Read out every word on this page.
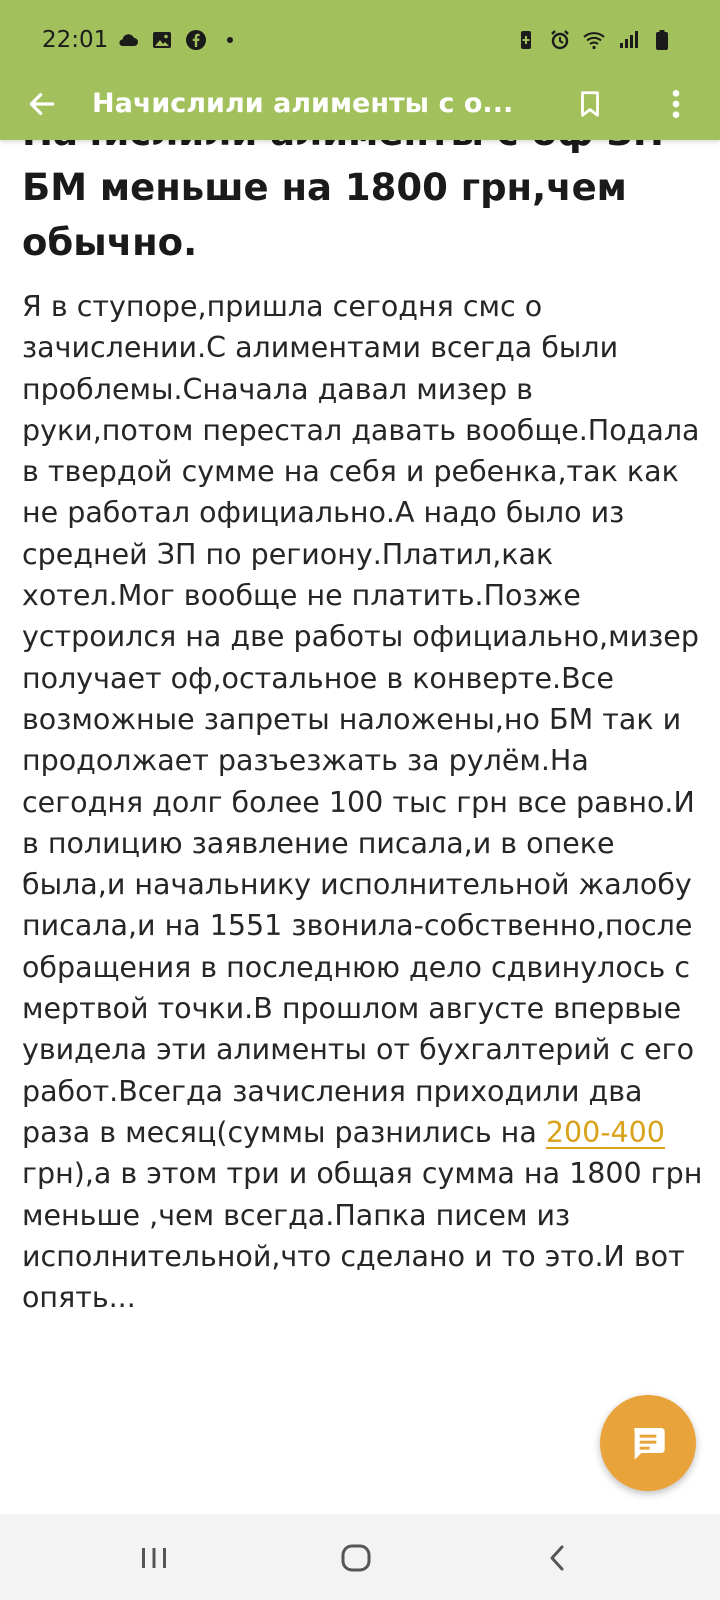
БМ меньше на 1800 грн,чем
обычно.

Я в ступоре,пришла сегодня смс о зачислении.С алиментами всегда были проблемы.Сначала давал мизер в руки,потом перестал давать вообще.Подала в твердой сумме на себя и ребенка,так как не работал официально.А надо было из средней ЗП по региону.Платил,как хотел.Мог вообще не платить.Позже устроился на две работы официально,мизер получает оф,остальное в конверте.Все возможные запреты наложены,но БМ так и продолжает разъезжать за рулём.На сегодня долг более 100 тыс грн все равно.И в полицию заявление писала,и в опеке была,и начальнику исполнительной жалобу писала,и на 1551 звонила-собственно,после обращения в последнюю дело сдвинулось с мертвой точки.В прошлом августе впервые увидела эти алименты от бухгалтерий с его работ.Всегда зачисления приходили два раза в месяц(суммы разнились на 200-400 грн),а в этом три и общая сумма на 1800 грн меньше ,чем всегда.Папка писем из исполнительной,что сделано и то это.И вот опять...

22:01
Начислили алименты с о...
